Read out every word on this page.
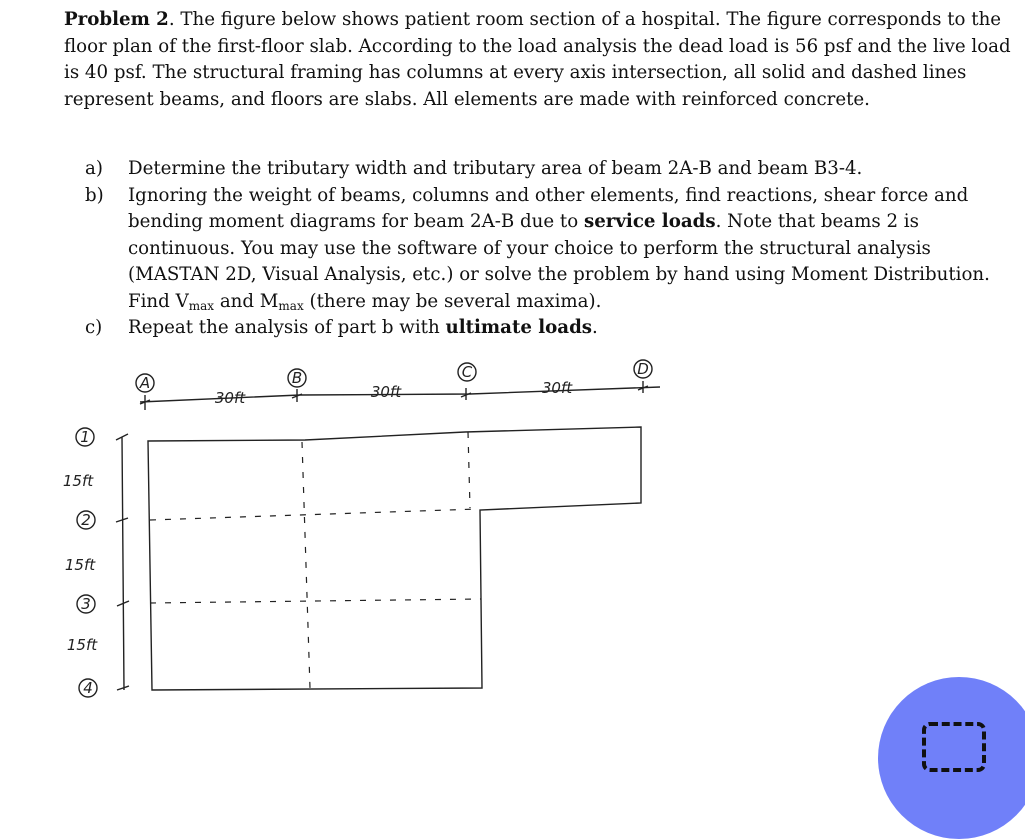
Problem 2. The figure below shows patient room section of a hospital. The figure corresponds to the floor plan of the first-floor slab. According to the load analysis the dead load is 56 psf and the live load is 40 psf. The structural framing has columns at every axis intersection, all solid and dashed lines represent beams, and floors are slabs. All elements are made with reinforced concrete.
a) Determine the tributary width and tributary area of beam 2A-B and beam B3-4.
b) Ignoring the weight of beams, columns and other elements, find reactions, shear force and bending moment diagrams for beam 2A-B due to service loads. Note that beams 2 is continuous. You may use the software of your choice to perform the structural analysis (MASTAN 2D, Visual Analysis, etc.) or solve the problem by hand using Moment Distribution. Find $V_{max}$ and $M_{max}$ (there may be several maxima).
c) Repeat the analysis of part b with ultimate loads.
A	B	C	D
30ft	30ft	30ft
1
2
3
4
15ft
15ft
15ft
